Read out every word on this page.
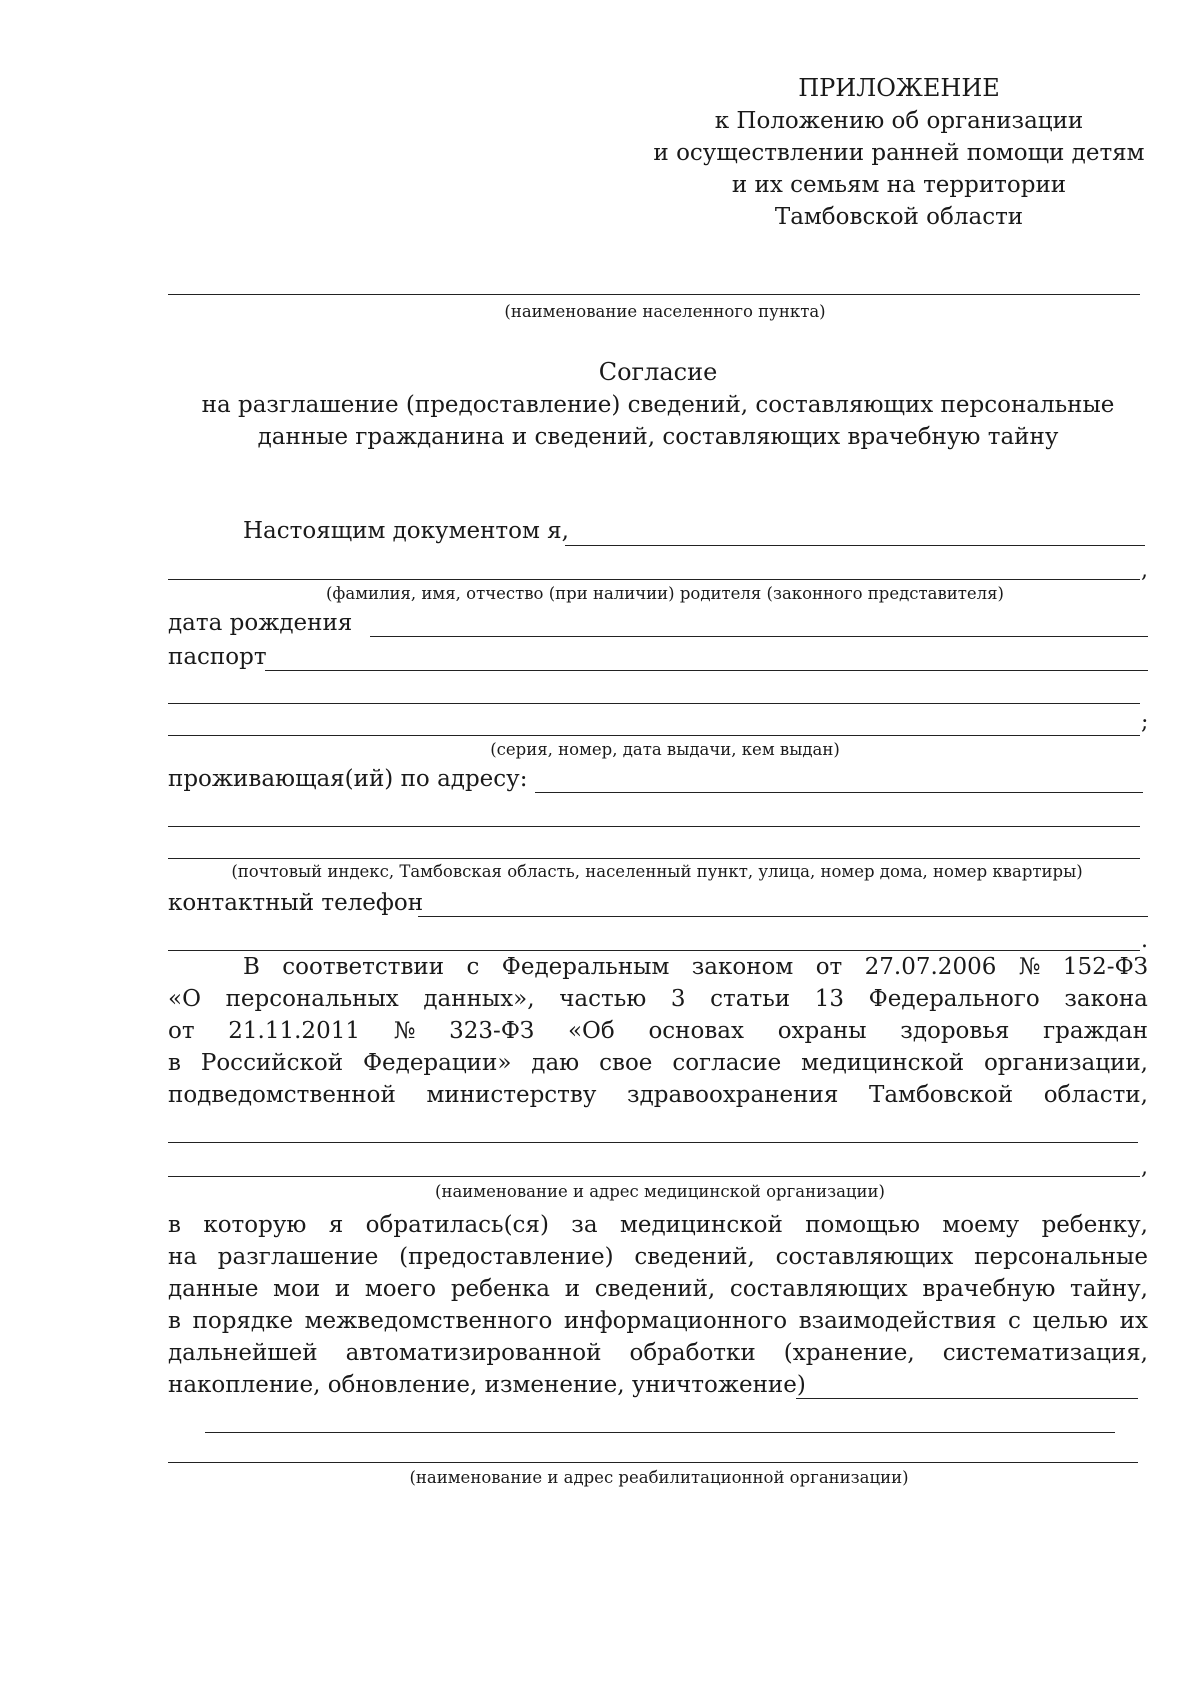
ПРИЛОЖЕНИЕ
к Положению об организации
и осуществлении ранней помощи детям
и их семьям на территории
Тамбовской области
(наименование населенного пункта)
Согласие
на разглашение (предоставление) сведений, составляющих персональные
данные гражданина и сведений, составляющих врачебную тайну
Настоящим документом я,
,
(фамилия, имя, отчество (при наличии) родителя (законного представителя)
дата рождения
паспорт
;
(серия, номер, дата выдачи, кем выдан)
проживающая(ий) по адресу:
(почтовый индекс, Тамбовская область, населенный пункт, улица, номер дома, номер квартиры)
контактный телефон
.
В соответствии с Федеральным законом от 27.07.2006 № 152-ФЗ
«О персональных данных», частью 3 статьи 13 Федерального закона
от 21.11.2011 № 323-ФЗ «Об основах охраны здоровья граждан
в Российской Федерации» даю свое согласие медицинской организации,
подведомственной министерству здравоохранения Тамбовской области,
,
(наименование и адрес медицинской организации)
в которую я обратилась(ся) за медицинской помощью моему ребенку,
на разглашение (предоставление) сведений, составляющих персональные
данные мои и моего ребенка и сведений, составляющих врачебную тайну,
в порядке межведомственного информационного взаимодействия с целью их
дальнейшей автоматизированной обработки (хранение, систематизация,
накопление, обновление, изменение, уничтожение)
(наименование и адрес реабилитационной организации)
